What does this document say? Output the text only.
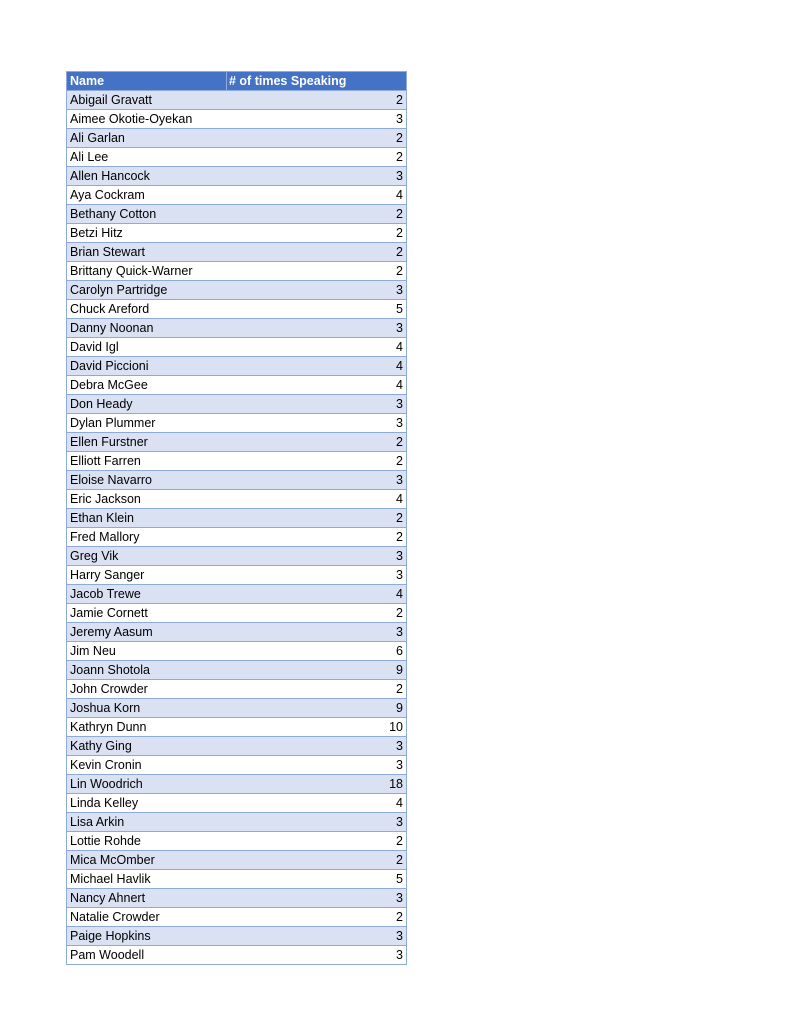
Name	# of times Speaking
Abigail Gravatt	2
Aimee Okotie-Oyekan	3
Ali Garlan	2
Ali Lee	2
Allen Hancock	3
Aya Cockram	4
Bethany Cotton	2
Betzi Hitz	2
Brian Stewart	2
Brittany Quick-Warner	2
Carolyn Partridge	3
Chuck Areford	5
Danny Noonan	3
David Igl	4
David Piccioni	4
Debra McGee	4
Don Heady	3
Dylan Plummer	3
Ellen Furstner	2
Elliott Farren	2
Eloise Navarro	3
Eric Jackson	4
Ethan Klein	2
Fred Mallory	2
Greg Vik	3
Harry Sanger	3
Jacob Trewe	4
Jamie Cornett	2
Jeremy Aasum	3
Jim Neu	6
Joann Shotola	9
John Crowder	2
Joshua Korn	9
Kathryn Dunn	10
Kathy Ging	3
Kevin Cronin	3
Lin Woodrich	18
Linda Kelley	4
Lisa Arkin	3
Lottie Rohde	2
Mica McOmber	2
Michael Havlik	5
Nancy Ahnert	3
Natalie Crowder	2
Paige Hopkins	3
Pam Woodell	3
